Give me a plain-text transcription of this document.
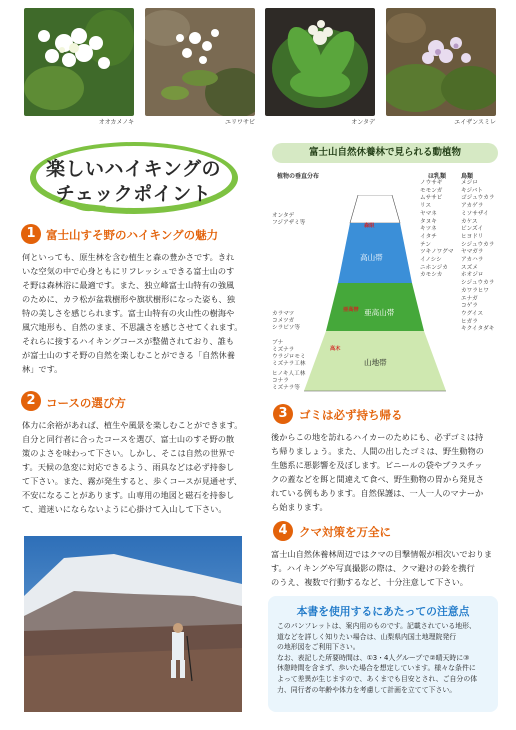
オオカメノキ	ユリワサビ	オンタデ	エイザンスミレ
楽しいハイキングの
チェックポイント
1 富士山すそ野のハイキングの魅力
何といっても、原生林を含む植生と森の豊かさです。きれ
いな空気の中で心身ともにリフレッシュできる富士山のす
そ野は森林浴に最適です。また、独立峰富士山特有の強風
のために、カラ松が盆栽樹形や旗状樹形になった姿も、独
特の美しさを感じられます。富士山特有の火山性の樹海や
風穴地形も、自然のまま、不思議さを感じさせてくれます。
それらに接するハイキングコースが整備されており、誰も
が富士山のすそ野の自然を楽しむことができる「自然休養
林」です。
2 コースの選び方
体力に余裕があれば、植生や風景を楽しむことができます。
自分と同行者に合ったコースを選び、富士山のすそ野の散
策のよさを味わって下さい。しかし、そこは自然の世界で
す。天候の急変に対応できるよう、雨具などは必ず持参し
て下さい。また、霧が発生すると、歩くコースが見通せず、
不安になることがあります。山専用の地図と磁石を持参し
て、道迷いにならないように心掛けて入山して下さい。
富士山自然休養林で見られる動植物
植物の垂直分布	ほ乳類 鳥類
高山帯
亜高山帯
山地帯
森限
亜高帯
高木
オンタデ
フジアザミ等
カラマツ
コメツガ
シラビソ等
ブナ
ミズナラ
ウラジロモミ
ミズナラ工林
ヒノキ人工林
コナラ
ミズナラ等
ノウサギ
モモンガ
ムササビ
リス
ヤマネ
タヌキ
キツネ
イタチ
テン
ツキノワグマ
イノシシ
ニホンジカ
カモシカ
メジロ
キジバト
ゴジュウカラ
アカゲラ
ミソサザイ
カケス
ビンズイ
ヒヨドリ
シジュウカラ
ヤマガラ
アカハラ
スズメ
ホオジロ
シジュウカラ
カワラヒワ
エナガ
コゲラ
ウグイス
ヒガラ
キクイタダキ
3 ゴミは必ず持ち帰る
後からこの地を訪れるハイカーのためにも、必ずゴミは持
ち帰りましょう。また、人間の出したゴミは、野生動物の
生態系に悪影響を及ぼします。ビニールの袋やプラスチッ
クの蓋などを餌と間違えて食べ、野生動物の胃から発見さ
れている例もあります。自然保護は、一人一人のマナーか
ら始まります。
4 クマ対策を万全に
富士山自然休養林周辺ではクマの目撃情報が相次いでおりま
す。ハイキングや写真撮影の際は、クマ避けの鈴を携行
のうえ、複数で行動するなど、十分注意して下さい。
本書を使用するにあたっての注意点
このパンフレットは、案内用のものです。記載されている地形、
道などを詳しく知りたい場合は、山梨県内国土地理院発行
の地形図をご利用下さい。
なお、表記した所要時間は、①3・4人グループで②晴天時に③
休憩時間を含まず、歩いた場合を想定しています。様々な条件に
よって差異が生じますので、あくまでも目安とされ、ご自分の体
力、同行者の年齢や体力を考慮して計画を立てて下さい。
